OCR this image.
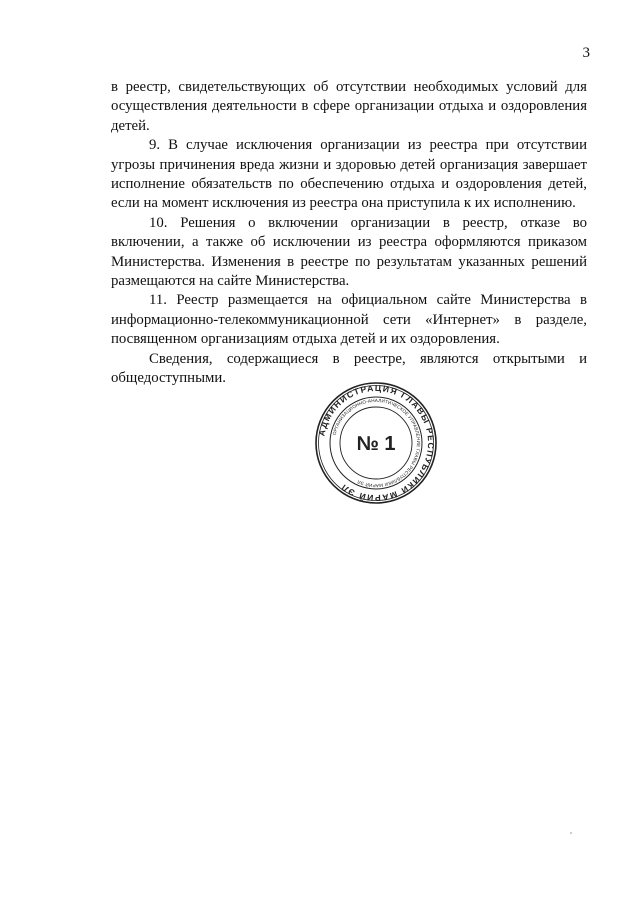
3

в реестр, свидетельствующих об отсутствии необходимых условий для осуществления деятельности в сфере организации отдыха и оздоровления детей.

9. В случае исключения организации из реестра при отсутствии угрозы причинения вреда жизни и здоровью детей организация завершает исполнение обязательств по обеспечению отдыха и оздоровления детей, если на момент исключения из реестра она приступила к их исполнению.

10. Решения о включении организации в реестр, отказе во включении, а также об исключении из реестра оформляются приказом Министерства. Изменения в реестре по результатам указанных решений размещаются на сайте Министерства.

11. Реестр размещается на официальном сайте Министерства в информационно-телекоммуникационной сети «Интернет» в разделе, посвященном организациям отдыха детей и их оздоровления.

Сведения, содержащиеся в реестре, являются открытыми и общедоступными.

АДМИНИСТРАЦИЯ ГЛАВЫ РЕСПУБЛИКИ МАРИЙ ЭЛ
ОРГАНИЗАЦИОННО-АНАЛИТИЧЕСКОЕ УПРАВЛЕНИЕ ГЛАВЫ РЕСПУБЛИКИ МАРИЙ ЭЛ
№ 1
